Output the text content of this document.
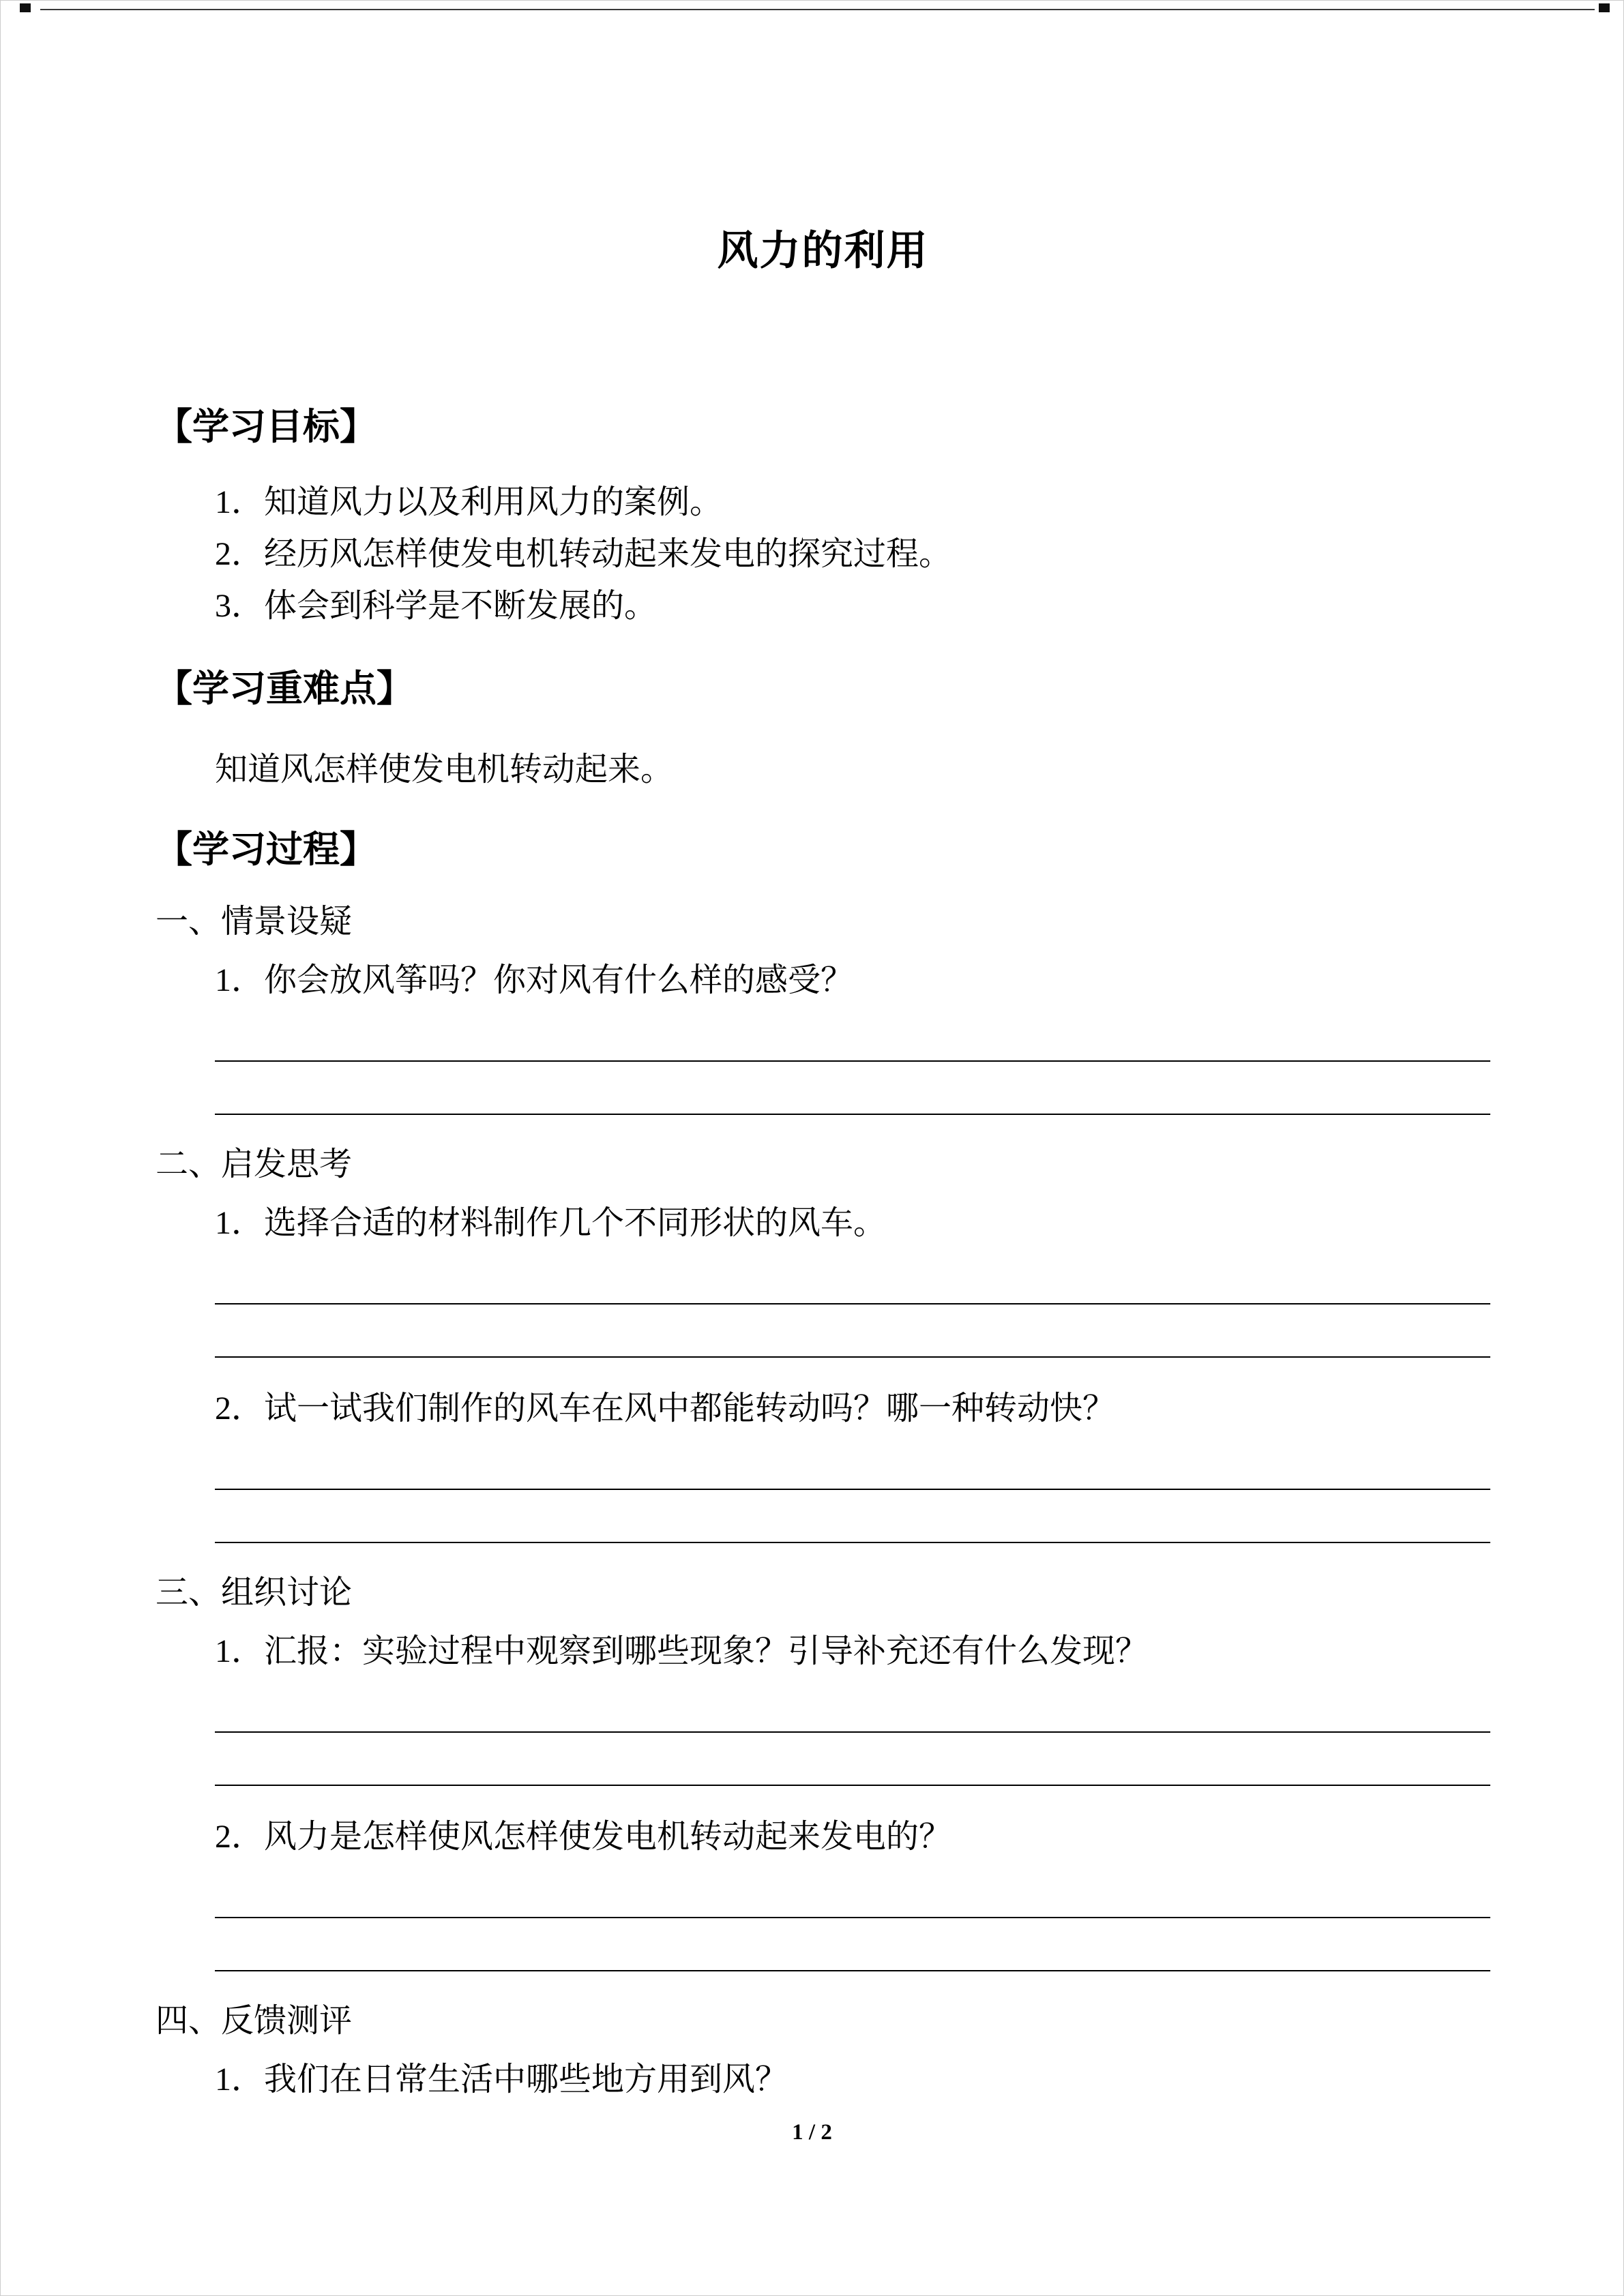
风力的利用
【学习目标】

1．知道风力以及利用风力的案例。

2．经历风怎样使发电机转动起来发电的探究过程。

3．体会到科学是不断发展的。

【学习重难点】

知道风怎样使发电机转动起来。

【学习过程】

一、情景设疑

1．你会放风筝吗？你对风有什么样的感受？

二、启发思考

1．选择合适的材料制作几个不同形状的风车。

2．试一试我们制作的风车在风中都能转动吗？哪一种转动快？

三、组织讨论

1．汇报：实验过程中观察到哪些现象？引导补充还有什么发现？

2．风力是怎样使风怎样使发电机转动起来发电的？

四、反馈测评

1．我们在日常生活中哪些地方用到风？

1 / 2
